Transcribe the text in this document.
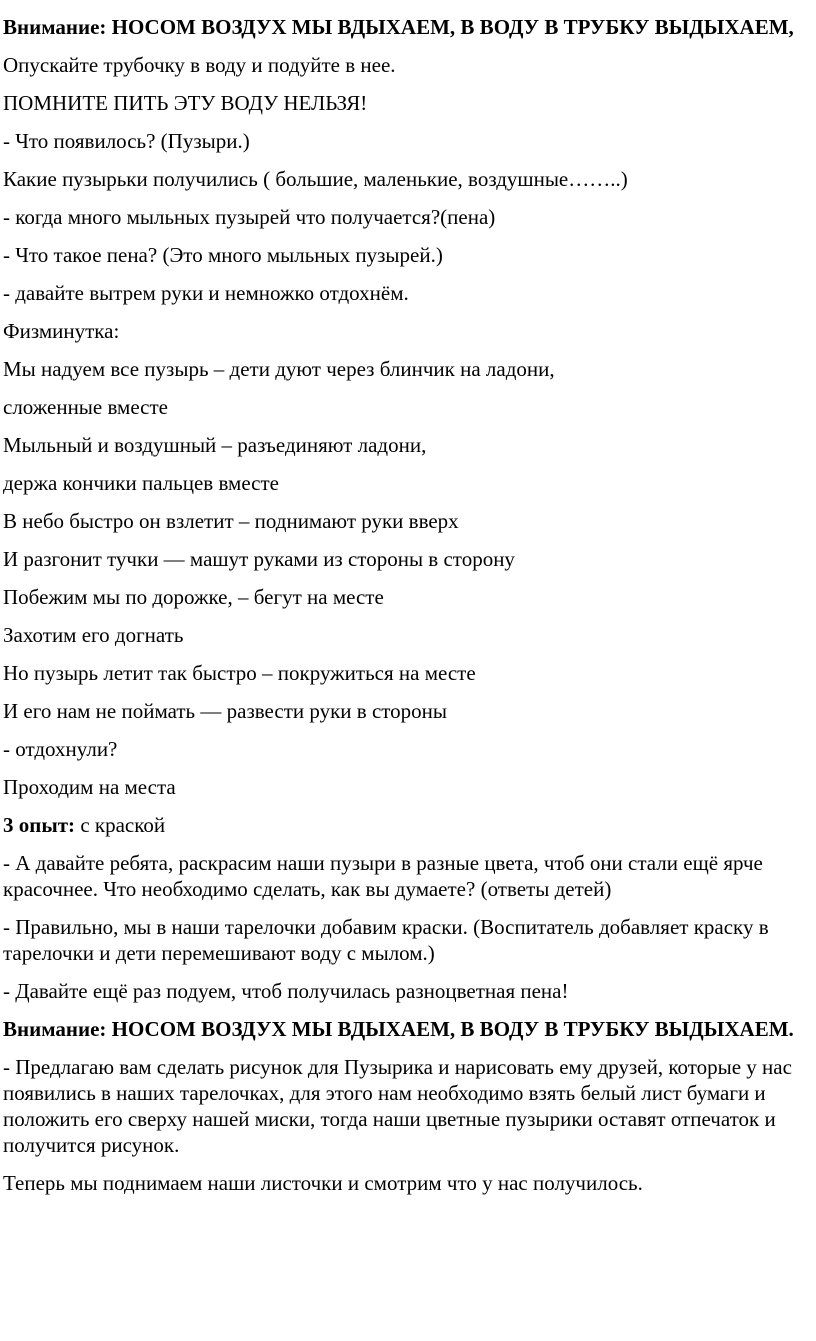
Внимание: НОСОМ ВОЗДУХ МЫ ВДЫХАЕМ, В ВОДУ В ТРУБКУ ВЫДЫХАЕМ,

Опускайте трубочку в воду и подуйте в нее.

ПОМНИТЕ ПИТЬ ЭТУ ВОДУ НЕЛЬЗЯ!

- Что появилось? (Пузыри.)

Какие пузырьки получились ( большие, маленькие, воздушные……..)

- когда много мыльных пузырей что получается?(пена)

- Что такое пена? (Это много мыльных пузырей.)

- давайте вытрем руки и немножко отдохнём.

Физминутка:

Мы надуем все пузырь – дети дуют через блинчик на ладони,

сложенные вместе

Мыльный и воздушный – разъединяют ладони,

держа кончики пальцев вместе

В небо быстро он взлетит – поднимают руки вверх

И разгонит тучки — машут руками из стороны в сторону

Побежим мы по дорожке, – бегут на месте

Захотим его догнать

Но пузырь летит так быстро – покружиться на месте

И его нам не поймать — развести руки в стороны

- отдохнули?

Проходим на места

3 опыт: с краской

- А давайте ребята, раскрасим наши пузыри в разные цвета, чтоб они стали ещё ярче красочнее. Что необходимо сделать, как вы думаете? (ответы детей)

- Правильно, мы в наши тарелочки добавим краски. (Воспитатель добавляет краску в тарелочки и дети перемешивают воду с мылом.)

- Давайте ещё раз подуем, чтоб получилась разноцветная пена!

Внимание: НОСОМ ВОЗДУХ МЫ ВДЫХАЕМ, В ВОДУ В ТРУБКУ ВЫДЫХАЕМ.

- Предлагаю вам сделать рисунок для Пузырика и нарисовать ему друзей, которые у нас появились в наших тарелочках, для этого нам необходимо взять белый лист бумаги и положить его сверху нашей миски, тогда наши цветные пузырики оставят отпечаток и получится рисунок.

Теперь мы поднимаем наши листочки и смотрим что у нас получилось.
